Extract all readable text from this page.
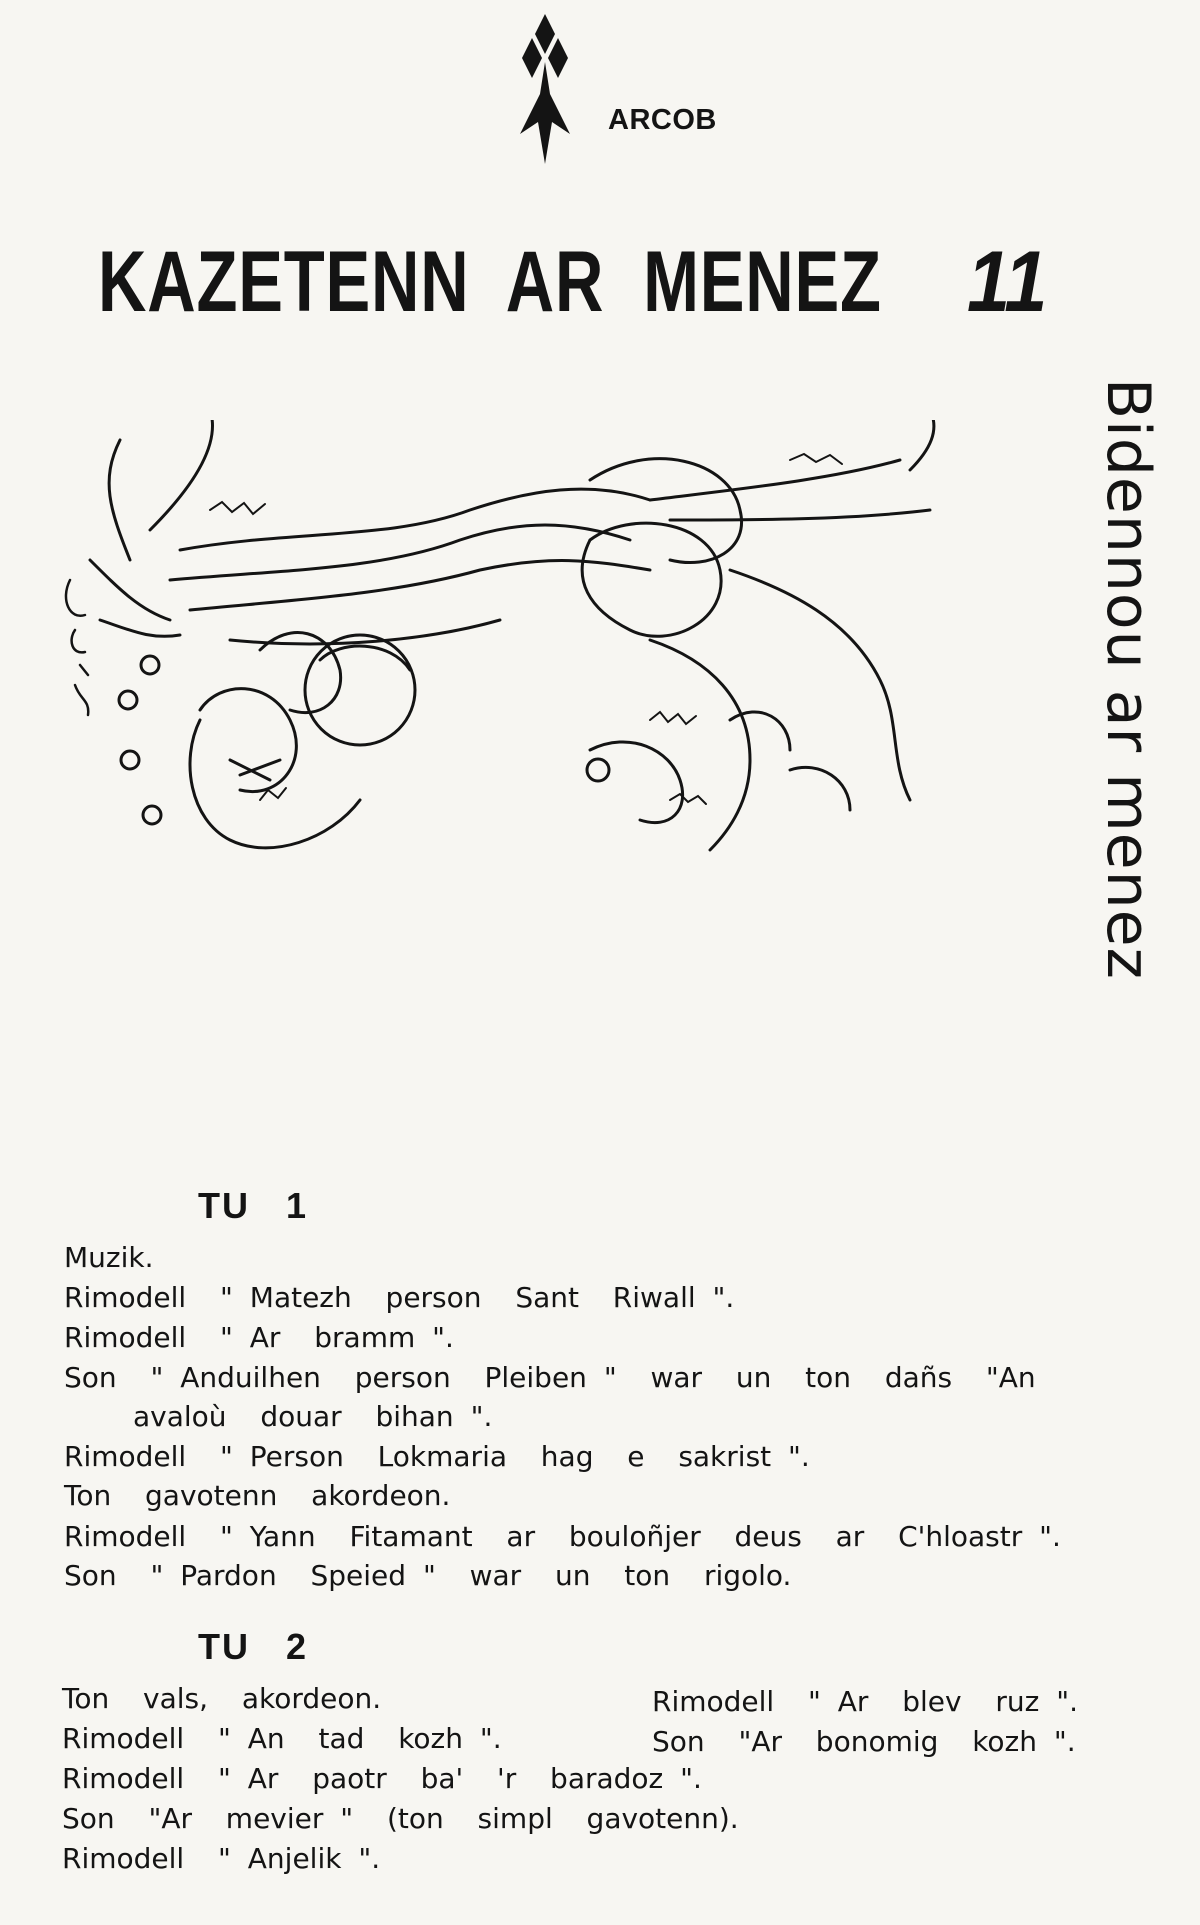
ARCOB
KAZETENN  AR  MENEZ 11
Bidennou ar menez
TU   1
Muzik.
Rimodell  " Matezh  person  Sant  Riwall ".
Rimodell  " Ar  bramm ".
Son  " Anduilhen  person  Pleiben "  war  un  ton  dañs  "An
avaloù  douar  bihan ".
Rimodell  " Person  Lokmaria  hag  e  sakrist ".
Ton  gavotenn  akordeon.
Rimodell  " Yann  Fitamant  ar  bouloñjer  deus  ar  C'hloastr ".
Son  " Pardon  Speied "  war  un  ton  rigolo.
TU   2
Ton  vals,  akordeon.
Rimodell  " An  tad  kozh ".
Rimodell  " Ar  paotr  ba'  'r  baradoz ".
Son  "Ar  mevier "  (ton  simpl  gavotenn).
Rimodell  " Anjelik ".
Rimodell  " Ar  blev  ruz ".
Son  "Ar  bonomig  kozh ".
